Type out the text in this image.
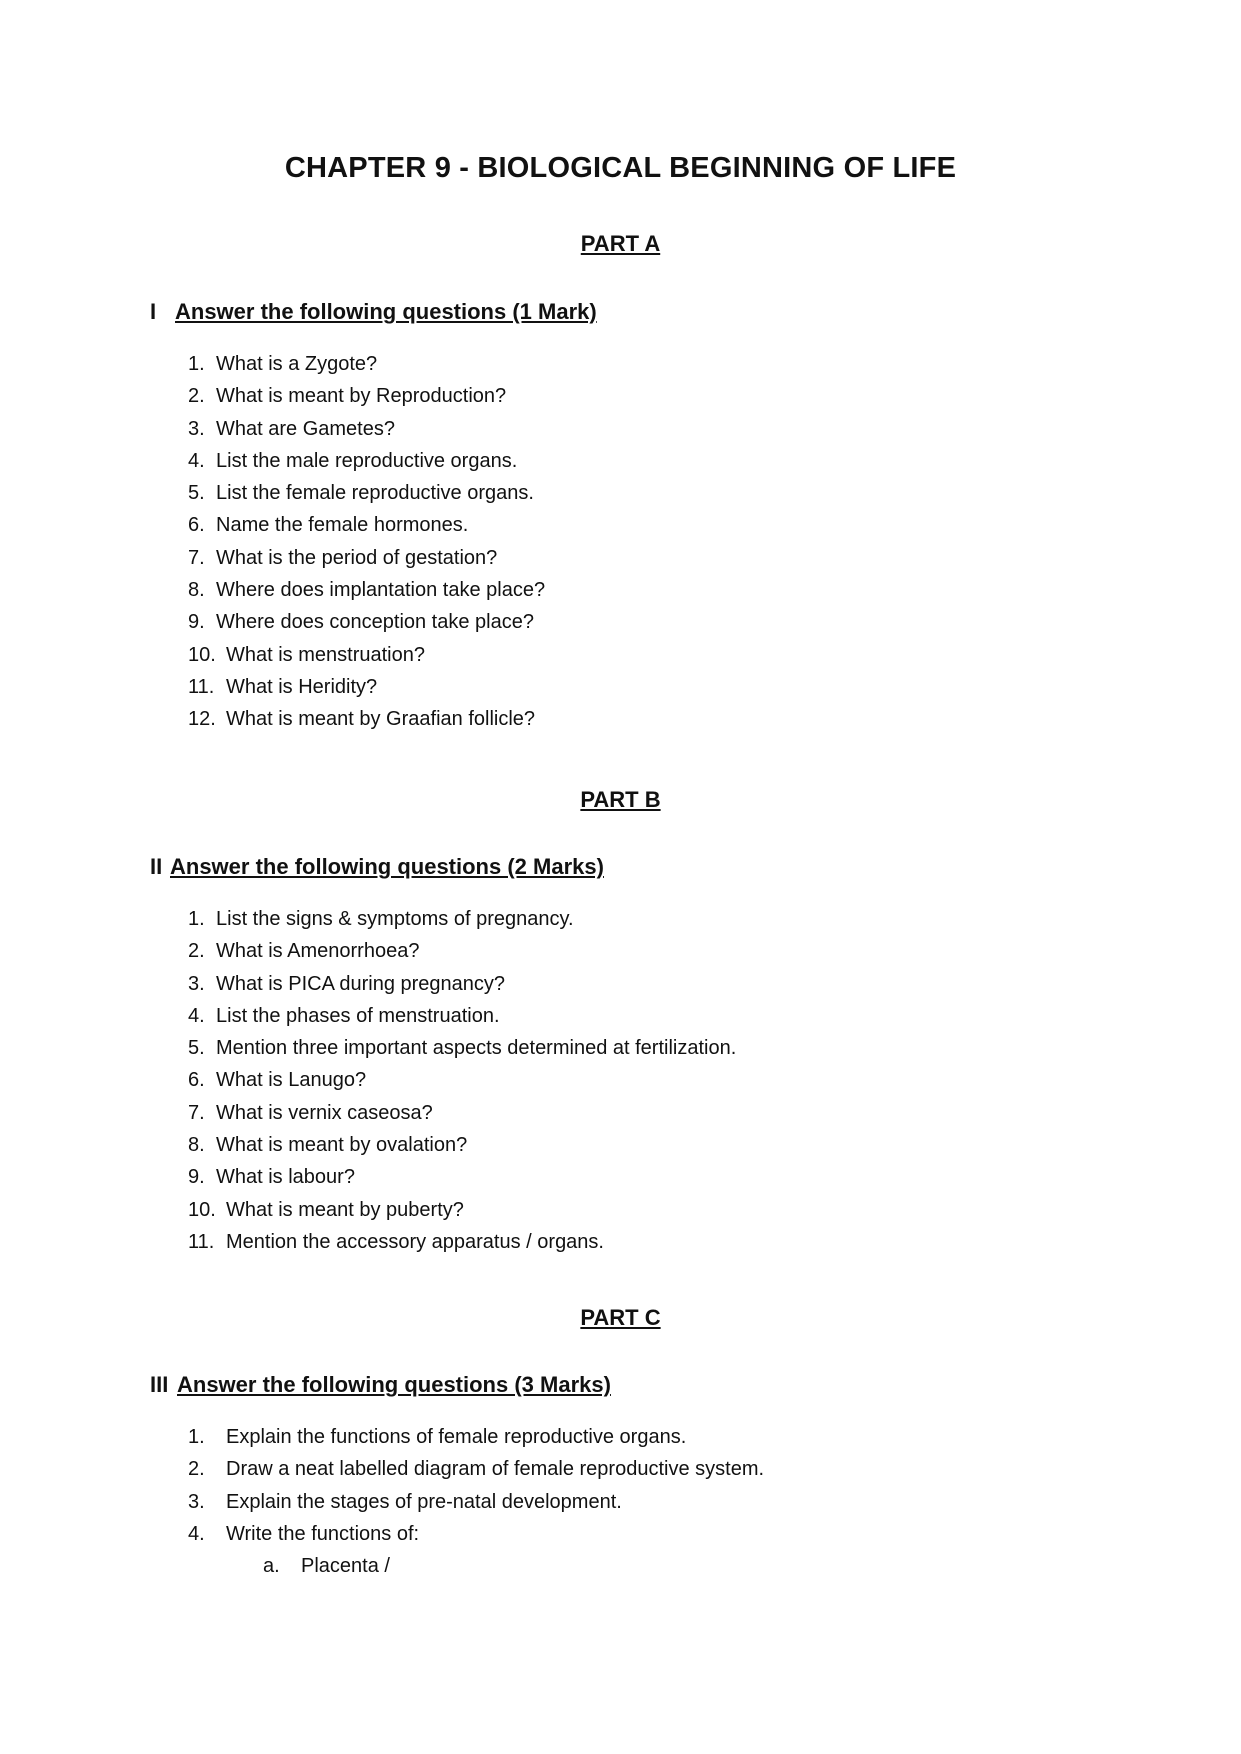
CHAPTER 9 - BIOLOGICAL BEGINNING OF LIFE
PART A
I Answer the following questions (1 Mark)
1. What is a Zygote?
2. What is meant by Reproduction?
3. What are Gametes?
4. List the male reproductive organs.
5. List the female reproductive organs.
6. Name the female hormones.
7. What is the period of gestation?
8. Where does implantation take place?
9. Where does conception take place?
10. What is menstruation?
11. What is Heridity?
12. What is meant by Graafian follicle?
PART B
II Answer the following questions (2 Marks)
1. List the signs & symptoms of pregnancy.
2. What is Amenorrhoea?
3. What is PICA during pregnancy?
4. List the phases of menstruation.
5. Mention three important aspects determined at fertilization.
6. What is Lanugo?
7. What is vernix caseosa?
8. What is meant by ovalation?
9. What is labour?
10. What is meant by puberty?
11. Mention the accessory apparatus / organs.
PART C
III Answer the following questions (3 Marks)
1.	Explain the functions of female reproductive organs.
2.	Draw a neat labelled diagram of female reproductive system.
3.	Explain the stages of pre-natal development.
4.	Write the functions of:
a. Placenta /
